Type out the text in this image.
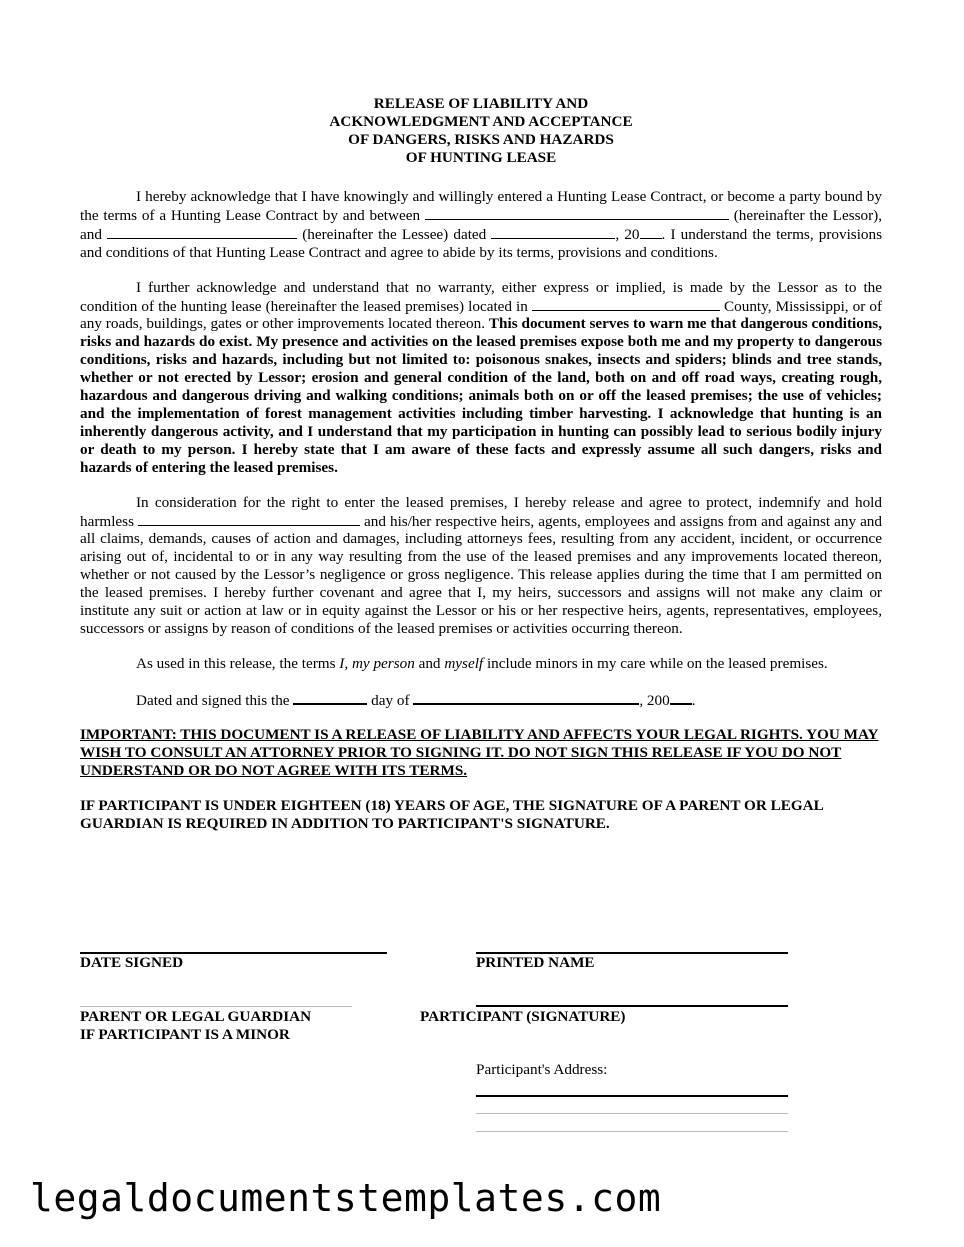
RELEASE OF LIABILITY AND
ACKNOWLEDGMENT AND ACCEPTANCE
OF DANGERS, RISKS AND HAZARDS
OF HUNTING LEASE

I hereby acknowledge that I have knowingly and willingly entered a Hunting Lease Contract, or become a party bound by the terms of a Hunting Lease Contract by and between	(hereinafter the Lessor), and	(hereinafter the Lessee) dated	, 20 . I understand the terms, provisions and conditions of that Hunting Lease Contract and agree to abide by its terms, provisions and conditions.

I further acknowledge and understand that no warranty, either express or implied, is made by the Lessor as to the condition of the hunting lease (hereinafter the leased premises) located in	County, Mississippi, or of any roads, buildings, gates or other improvements located thereon. This document serves to warn me that dangerous conditions, risks and hazards do exist. My presence and activities on the leased premises expose both me and my property to dangerous conditions, risks and hazards, including but not limited to: poisonous snakes, insects and spiders; blinds and tree stands, whether or not erected by Lessor; erosion and general condition of the land, both on and off road ways, creating rough, hazardous and dangerous driving and walking conditions; animals both on or off the leased premises; the use of vehicles; and the implementation of forest management activities including timber harvesting. I acknowledge that hunting is an inherently dangerous activity, and I understand that my participation in hunting can possibly lead to serious bodily injury or death to my person. I hereby state that I am aware of these facts and expressly assume all such dangers, risks and hazards of entering the leased premises.

In consideration for the right to enter the leased premises, I hereby release and agree to protect, indemnify and hold harmless	and his/her respective heirs, agents, employees and assigns from and against any and all claims, demands, causes of action and damages, including attorneys fees, resulting from any accident, incident, or occurrence arising out of, incidental to or in any way resulting from the use of the leased premises and any improvements located thereon, whether or not caused by the Lessor’s negligence or gross negligence. This release applies during the time that I am permitted on the leased premises. I hereby further covenant and agree that I, my heirs, successors and assigns will not make any claim or institute any suit or action at law or in equity against the Lessor or his or her respective heirs, agents, representatives, employees, successors or assigns by reason of conditions of the leased premises or activities occurring thereon.

As used in this release, the terms I, my person and myself include minors in my care while on the leased premises.

Dated and signed this the	day of	, 200 .

IMPORTANT: THIS DOCUMENT IS A RELEASE OF LIABILITY AND AFFECTS YOUR LEGAL RIGHTS. YOU MAY WISH TO CONSULT AN ATTORNEY PRIOR TO SIGNING IT. DO NOT SIGN THIS RELEASE IF YOU DO NOT UNDERSTAND OR DO NOT AGREE WITH ITS TERMS.
IF PARTICIPANT IS UNDER EIGHTEEN (18) YEARS OF AGE, THE SIGNATURE OF A PARENT OR LEGAL GUARDIAN IS REQUIRED IN ADDITION TO PARTICIPANT'S SIGNATURE.
DATE SIGNED	PRINTED NAME
PARENT OR LEGAL GUARDIAN
IF PARTICIPANT IS A MINOR
PARTICIPANT (SIGNATURE)
Participant's Address:
legaldocumentstemplates.com
